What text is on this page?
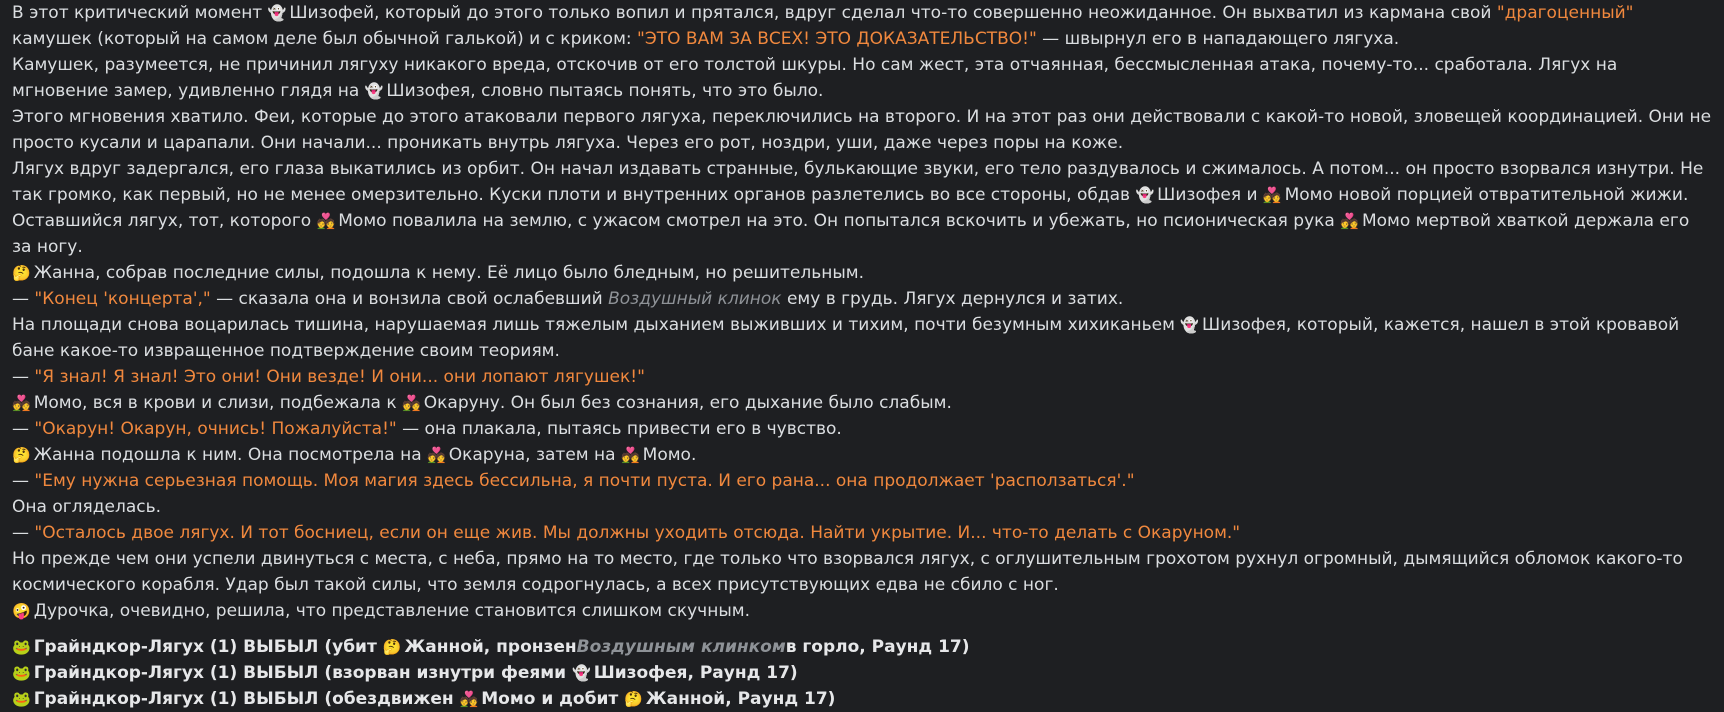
В этот критический момент 👻 Шизофей, который до этого только вопил и прятался, вдруг сделал что-то совершенно неожиданное. Он выхватил из кармана свой "драгоценный" камушек (который на самом деле был обычной галькой) и с криком: "ЭТО ВАМ ЗА ВСЕХ! ЭТО ДОКАЗАТЕЛЬСТВО!" — швырнул его в нападающего лягуха.

Камушек, разумеется, не причинил лягуху никакого вреда, отскочив от его толстой шкуры. Но сам жест, эта отчаянная, бессмысленная атака, почему-то... сработала. Лягух на мгновение замер, удивленно глядя на 👻 Шизофея, словно пытаясь понять, что это было.

Этого мгновения хватило. Феи, которые до этого атаковали первого лягуха, переключились на второго. И на этот раз они действовали с какой-то новой, зловещей координацией. Они не просто кусали и царапали. Они начали... проникать внутрь лягуха. Через его рот, ноздри, уши, даже через поры на коже.

Лягух вдруг задергался, его глаза выкатились из орбит. Он начал издавать странные, булькающие звуки, его тело раздувалось и сжималось. А потом... он просто взорвался изнутри. Не так громко, как первый, но не менее омерзительно. Куски плоти и внутренних органов разлетелись во все стороны, обдав 👻 Шизофея и 💑 Момо новой порцией отвратительной жижи.

Оставшийся лягух, тот, которого 💑 Момо повалила на землю, с ужасом смотрел на это. Он попытался вскочить и убежать, но псионическая рука 💑 Момо мертвой хваткой держала его за ногу.

🤔 Жанна, собрав последние силы, подошла к нему. Её лицо было бледным, но решительным.

— "Конец 'концерта'," — сказала она и вонзила свой ослабевший Воздушный клинок ему в грудь. Лягух дернулся и затих.

На площади снова воцарилась тишина, нарушаемая лишь тяжелым дыханием выживших и тихим, почти безумным хихиканьем 👻 Шизофея, который, кажется, нашел в этой кровавой бане какое-то извращенное подтверждение своим теориям.

— "Я знал! Я знал! Это они! Они везде! И они... они лопают лягушек!"

💑 Момо, вся в крови и слизи, подбежала к 💑 Окаруну. Он был без сознания, его дыхание было слабым.

— "Окарун! Окарун, очнись! Пожалуйста!" — она плакала, пытаясь привести его в чувство.

🤔 Жанна подошла к ним. Она посмотрела на 💑 Окаруна, затем на 💑 Момо.

— "Ему нужна серьезная помощь. Моя магия здесь бессильна, я почти пуста. И его рана... она продолжает 'расползаться'."

Она огляделась.

— "Осталось двое лягух. И тот босниец, если он еще жив. Мы должны уходить отсюда. Найти укрытие. И... что-то делать с Окаруном."

Но прежде чем они успели двинуться с места, с неба, прямо на то место, где только что взорвался лягух, с оглушительным грохотом рухнул огромный, дымящийся обломок какого-то космического корабля. Удар был такой силы, что земля содрогнулась, а всех присутствующих едва не сбило с ног.

🤪 Дурочка, очевидно, решила, что представление становится слишком скучным.

🐸 Грайндкор-Лягух (1) ВЫБЫЛ (убит 🤔 Жанной, пронзенВоздушным клинкомв горло, Раунд 17)

🐸 Грайндкор-Лягух (1) ВЫБЫЛ (взорван изнутри феями 👻 Шизофея, Раунд 17)

🐸 Грайндкор-Лягух (1) ВЫБЫЛ (обездвижен 💑 Момо и добит 🤔 Жанной, Раунд 17)
